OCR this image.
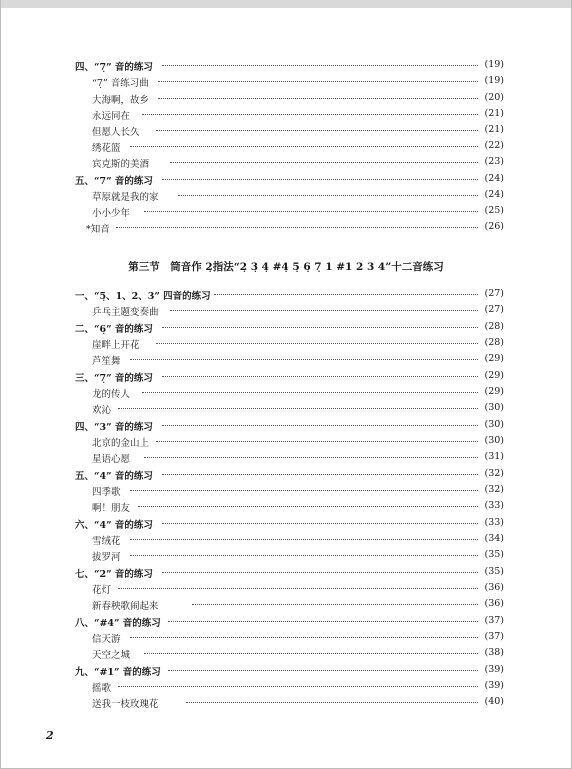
四、“7̣” 音的练习	(19)
“7̣” 音练习曲	(19)
大海啊，故乡	(20)
永远同在	(21)
但愿人长久	(21)
绣花篮	(22)
宾克斯的美酒	(23)
五、“7” 音的练习	(24)
草原就是我的家	(24)
小小少年	(25)
*知音	(26)
第三节　筒音作 2̣指法“2̣ 3̣ 4̣ #4̣ 5̣ 6̣ 7̣ 1 #1 2 3 4”十二音练习
一、“5̣、1、2、3” 四音的练习	(27)
乒乓主题变奏曲	(27)
二、“6̣” 音的练习	(28)
崖畔上开花	(28)
芦笙舞	(29)
三、“7̣” 音的练习	(29)
龙的传人	(29)
欢沁	(30)
四、“3” 音的练习	(30)
北京的金山上	(30)
星语心愿	(31)
五、“4” 音的练习	(32)
四季歌	(32)
啊！朋友	(33)
六、“4” 音的练习	(33)
雪绒花	(34)
拔罗河	(35)
七、“2” 音的练习	(35)
花灯	(36)
新春秧歌闹起来	(36)
八、“#4” 音的练习	(37)
信天游	(37)
天空之城	(38)
九、“#1” 音的练习	(39)
摇歌	(39)
送我一枝玫瑰花	(40)
2
